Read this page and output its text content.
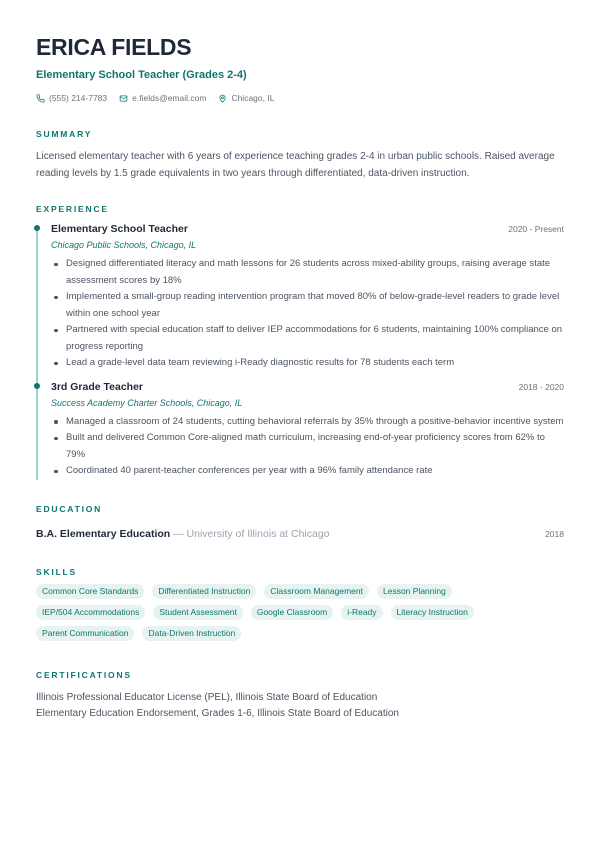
ERICA FIELDS
Elementary School Teacher (Grades 2-4)
(555) 214-7783	e.fields@email.com	Chicago, IL
SUMMARY
Licensed elementary teacher with 6 years of experience teaching grades 2-4 in urban public schools. Raised average reading levels by 1.5 grade equivalents in two years through differentiated, data-driven instruction.
EXPERIENCE
Elementary School Teacher	2020 - Present
Chicago Public Schools, Chicago, IL
Designed differentiated literacy and math lessons for 26 students across mixed-ability groups, raising average state assessment scores by 18%
Implemented a small-group reading intervention program that moved 80% of below-grade-level readers to grade level within one school year
Partnered with special education staff to deliver IEP accommodations for 6 students, maintaining 100% compliance on progress reporting
Lead a grade-level data team reviewing i-Ready diagnostic results for 78 students each term
3rd Grade Teacher	2018 - 2020
Success Academy Charter Schools, Chicago, IL
Managed a classroom of 24 students, cutting behavioral referrals by 35% through a positive-behavior incentive system
Built and delivered Common Core-aligned math curriculum, increasing end-of-year proficiency scores from 62% to 79%
Coordinated 40 parent-teacher conferences per year with a 96% family attendance rate
EDUCATION
B.A. Elementary Education — University of Illinois at Chicago	2018
SKILLS
Common Core Standards	Differentiated Instruction	Classroom Management	Lesson Planning
IEP/504 Accommodations	Student Assessment	Google Classroom	i-Ready	Literacy Instruction
Parent Communication	Data-Driven Instruction
CERTIFICATIONS
Illinois Professional Educator License (PEL), Illinois State Board of Education
Elementary Education Endorsement, Grades 1-6, Illinois State Board of Education
